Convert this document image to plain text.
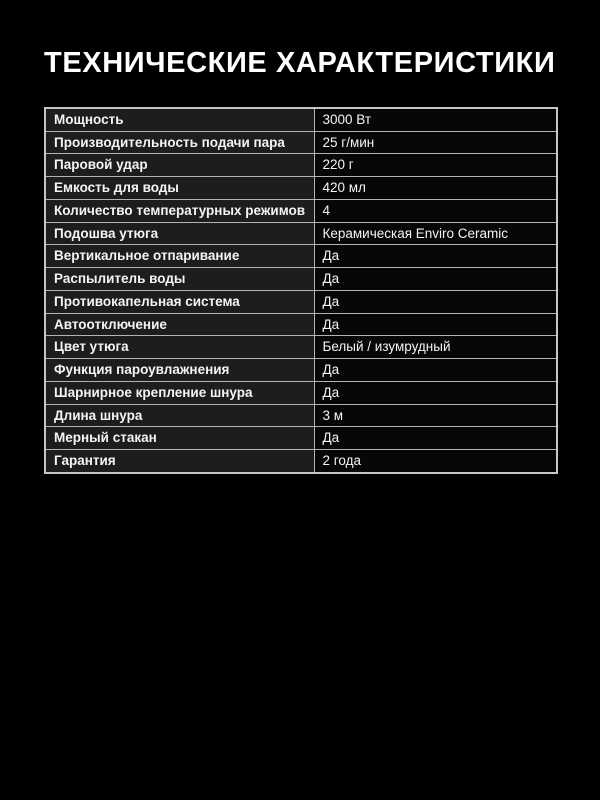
ТЕХНИЧЕСКИЕ ХАРАКТЕРИСТИКИ
Мощность	3000 Вт
Производительность подачи пара	25 г/мин
Паровой удар	220 г
Емкость для воды	420 мл
Количество температурных режимов	4
Подошва утюга	Керамическая Enviro Ceramic
Вертикальное отпаривание	Да
Распылитель воды	Да
Противокапельная система	Да
Автоотключение	Да
Цвет утюга	Белый / изумрудный
Функция пароувлажнения	Да
Шарнирное крепление шнура	Да
Длина шнура	3 м
Мерный стакан	Да
Гарантия	2 года
